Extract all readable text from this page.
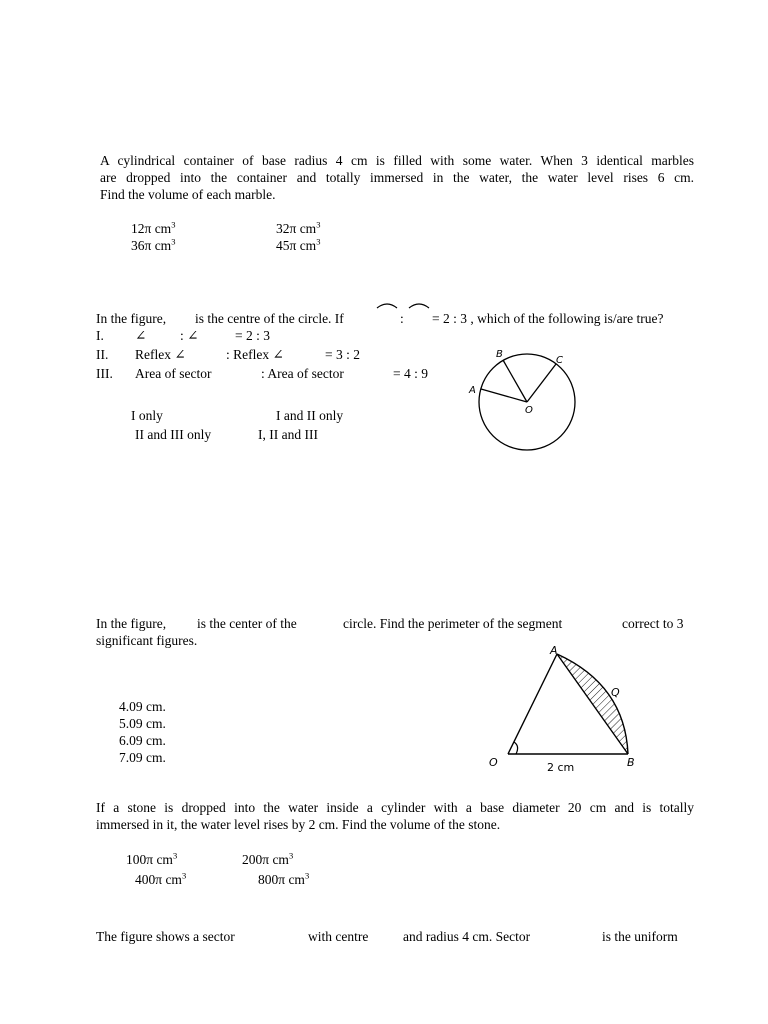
A cylindrical container of base radius 4 cm is filled with some water. When 3 identical marbles
are dropped into the container and totally immersed in the water, the water level rises 6 cm.
Find the volume of each marble.
12π $cm^3$	32π $cm^3$
36π $cm^3$	45π $cm^3$
In the figure, is the centre of the circle. If	: = 2 : 3 , which of the following is/are true?
I. ∠ : ∠	= 2 : 3
II. Reflex ∠	: Reflex ∠	= 3 : 2
III. Area of sector	: Area of sector	= 4 : 9
I only	I and II only
II and III only	I, II and III
B
C
A
O
In the figure, is the center of the	circle. Find the perimeter of the segment	correct to 3
significant figures.
4.09 cm.
5.09 cm.
6.09 cm.
7.09 cm.
A
Q
O	B
2 cm
If a stone is dropped into the water inside a cylinder with a base diameter 20 cm and is totally
immersed in it, the water level rises by 2 cm. Find the volume of the stone.
100π $cm^3$	200π $cm^3$
400π $cm^3$	800π $cm^3$
The figure shows a sector	with centre	and radius 4 cm. Sector	is the uniform
